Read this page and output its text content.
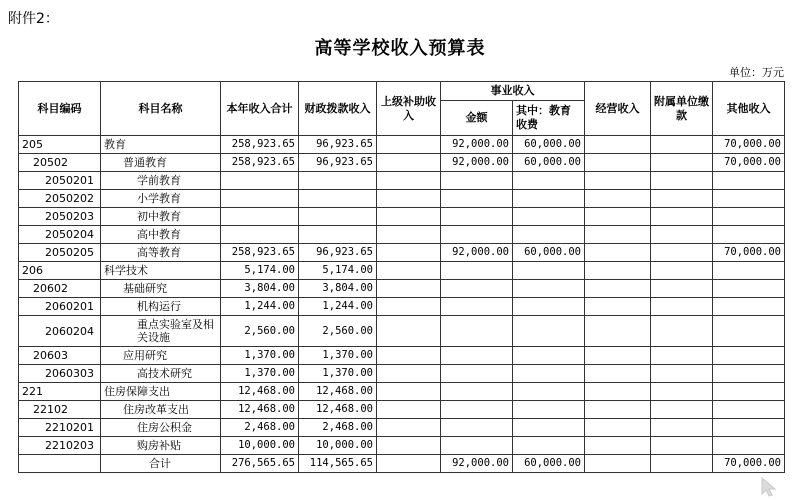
附件2：
高等学校收入预算表
单位：万元
科目编码	科目名称	本年收入合计	财政拨款收入	上级补助收入	事业收入		经营收入	附属单位缴款	其他收入
					金额	其中：教育收费			
205	教育	258,923.65	96,923.65		92,000.00	60,000.00			70,000.00
20502	普通教育	258,923.65	96,923.65		92,000.00	60,000.00			70,000.00
2050201	学前教育								
2050202	小学教育								
2050203	初中教育								
2050204	高中教育								
2050205	高等教育	258,923.65	96,923.65		92,000.00	60,000.00			70,000.00
206	科学技术	5,174.00	5,174.00						
20602	基础研究	3,804.00	3,804.00						
2060201	机构运行	1,244.00	1,244.00						
2060204	重点实验室及相关设施	2,560.00	2,560.00						
20603	应用研究	1,370.00	1,370.00						
2060303	高技术研究	1,370.00	1,370.00						
221	住房保障支出	12,468.00	12,468.00						
22102	住房改革支出	12,468.00	12,468.00						
2210201	住房公积金	2,468.00	2,468.00						
2210203	购房补贴	10,000.00	10,000.00						
	合计	276,565.65	114,565.65		92,000.00	60,000.00			70,000.00
